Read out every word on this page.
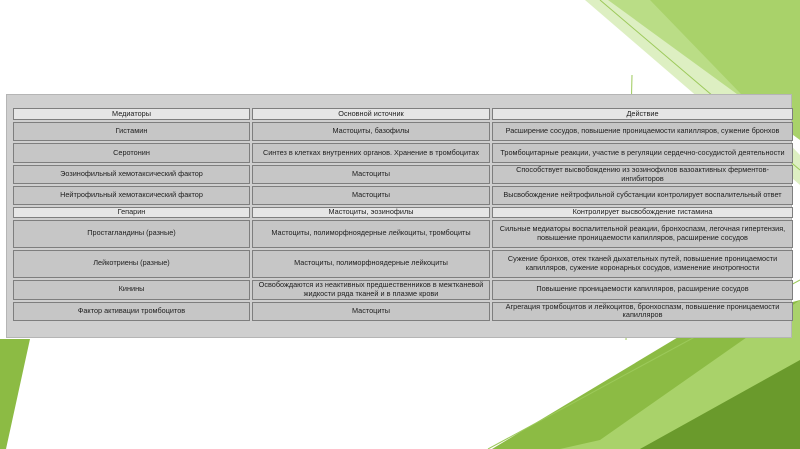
Медиаторы	Основной источник	Действие
Гистамин	Мастоциты, базофилы	Расширение сосудов, повышение проницаемости капилляров, сужение бронхов
Серотонин	Синтез в клетках внутренних органов. Хранение в тромбоцитах	Тромбоцитарные реакции, участие в регуляции сердечно-сосудистой деятельности
Эозинофильный хемотаксический фактор	Мастоциты	Способствует высвобождению из эозинофилов вазоактивных ферментов-ингибиторов
Нейтрофильный хемотаксический фактор	Мастоциты	Высвобождение нейтрофильной субстанции контролирует воспалительный ответ
Гепарин	Мастоциты, эозинофилы	Контролирует высвобождение гистамина
Простагландины (разные)	Мастоциты, полиморфноядерные лейкоциты, тромбоциты	Сильные медиаторы воспалительной реакции, бронхоспазм, легочная гипертензия, повышение проницаемости капилляров, расширение сосудов
Лейкотриены (разные)	Мастоциты, полиморфноядерные лейкоциты	Сужение бронхов, отек тканей дыхательных путей, повышение проницаемости капилляров, сужение коронарных сосудов, изменение инотропности
Кинины	Освобождаются из неактивных предшественников в межтканевой жидкости ряда тканей и в плазме крови	Повышение проницаемости капилляров, расширение сосудов
Фактор активации тромбоцитов	Мастоциты	Агрегация тромбоцитов и лейкоцитов, бронхоспазм, повышение проницаемости капилляров
